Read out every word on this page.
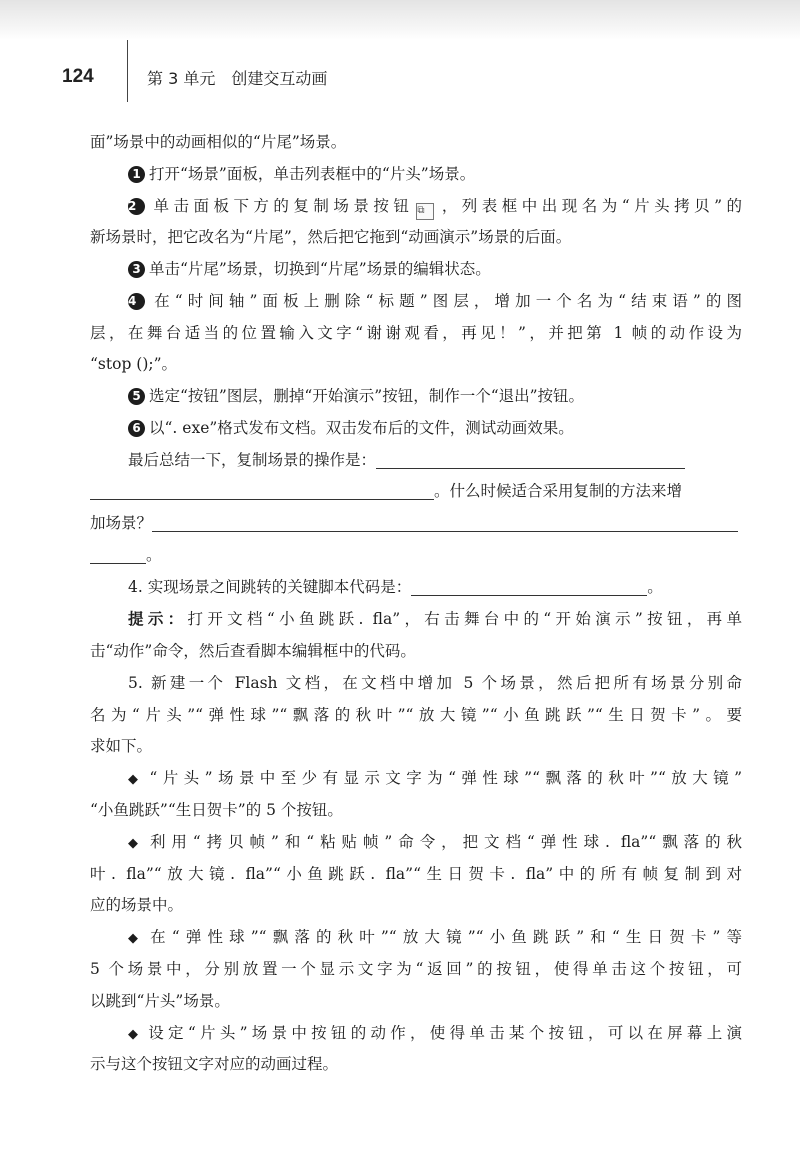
124	第 3 单元　创建交互动画
面”场景中的动画相似的“片尾”场景。
1 打开“场景”面板，单击列表框中的“片头”场景。
2 单击面板下方的复制场景按钮 ⧉ ，列表框中出现名为“片头拷贝”的
新场景时，把它改名为“片尾”，然后把它拖到“动画演示”场景的后面。
3 单击“片尾”场景，切换到“片尾”场景的编辑状态。
4 在“时间轴”面板上删除“标题”图层，增加一个名为“结束语”的图
层，在舞台适当的位置输入文字“谢谢观看，再见！”，并把第 1 帧的动作设为
“stop ();”。
5 选定“按钮”图层，删掉“开始演示”按钮，制作一个“退出”按钮。
6 以“. exe”格式发布文档。双击发布后的文件，测试动画效果。
最后总结一下，复制场景的操作是：
。什么时候适合采用复制的方法来增
加场景？
。
4. 实现场景之间跳转的关键脚本代码是：	。
提示：打开文档“小鱼跳跃. fla”，右击舞台中的“开始演示”按钮，再单
击“动作”命令，然后查看脚本编辑框中的代码。
5. 新建一个 Flash 文档，在文档中增加 5 个场景，然后把所有场景分别命
名为“片头”“弹性球”“飘落的秋叶”“放大镜”“小鱼跳跃”“生日贺卡”。要
求如下。
◆ “片头”场景中至少有显示文字为“弹性球”“飘落的秋叶”“放大镜”
“小鱼跳跃”“生日贺卡”的 5 个按钮。
◆ 利用“拷贝帧”和“粘贴帧”命令，把文档“弹性球. fla”“飘落的秋
叶. fla”“放大镜. fla”“小鱼跳跃. fla”“生日贺卡. fla”中的所有帧复制到对
应的场景中。
◆ 在“弹性球”“飘落的秋叶”“放大镜”“小鱼跳跃”和“生日贺卡”等
5 个场景中，分别放置一个显示文字为“返回”的按钮，使得单击这个按钮，可
以跳到“片头”场景。
◆ 设定“片头”场景中按钮的动作，使得单击某个按钮，可以在屏幕上演
示与这个按钮文字对应的动画过程。
